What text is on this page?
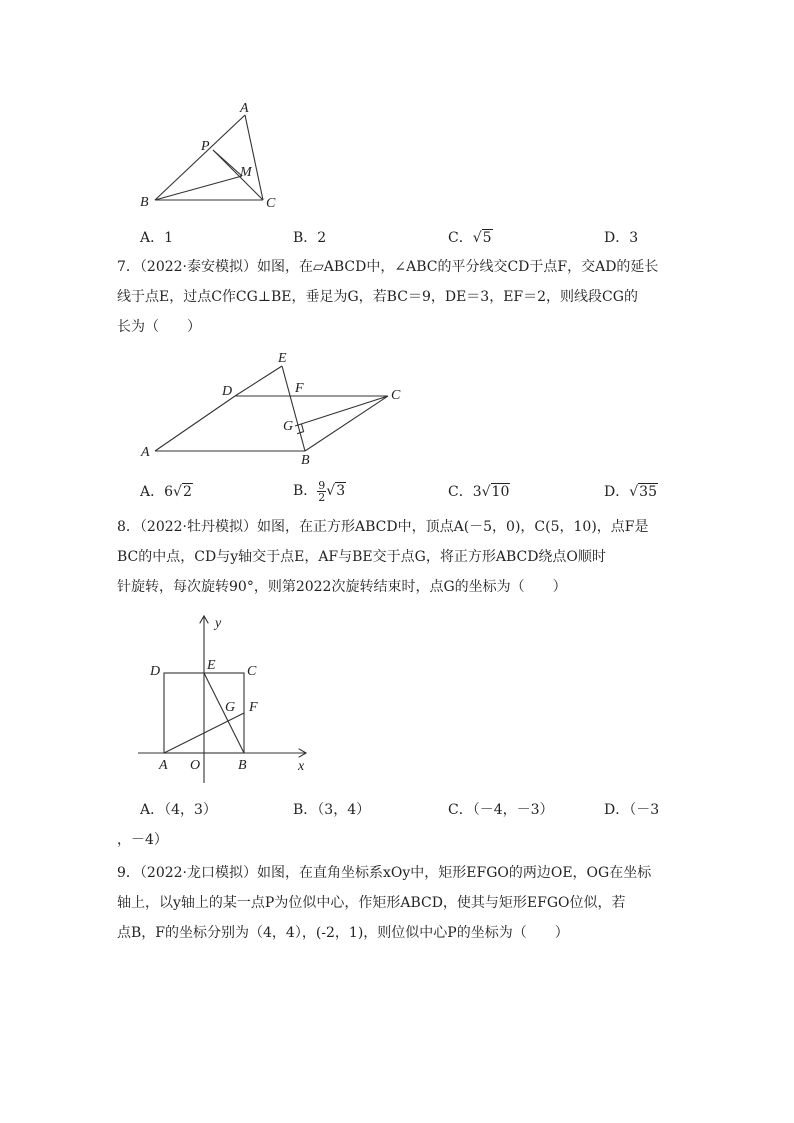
A
P
M
B	C
A．1	B．2	C．√5	D．3
7．（2022·泰安模拟）如图，在▱ABCD中，∠ABC的平分线交CD于点F，交AD的延长
线于点E，过点C作CG⊥BE，垂足为G，若BC＝9，DE＝3，EF＝2，则线段CG的
长为（　　）
E
D	F	C
G
A
B
A．6√2	B． $\frac{9}{2} √3$	C．3√10	D．√35
8．（2022·牡丹模拟）如图，在正方形ABCD中，顶点A(－5，0)，C(5，10)，点F是
BC的中点，CD与y轴交于点E，AF与BE交于点G，将正方形ABCD绕点O顺时
针旋转，每次旋转90°，则第2022次旋转结束时，点G的坐标为（　　）
y
x
D	E C
G F
A O	B
A．（4，3）	B．（3，4）	C．（－4，－3）	D．（－3
，－4）
9．（2022·龙口模拟）如图，在直角坐标系xOy中，矩形EFGO的两边OE，OG在坐标
轴上，以y轴上的某一点P为位似中心，作矩形ABCD，使其与矩形EFGO位似，若
点B，F的坐标分别为（4，4），(-2，1)，则位似中心P的坐标为（　　）
